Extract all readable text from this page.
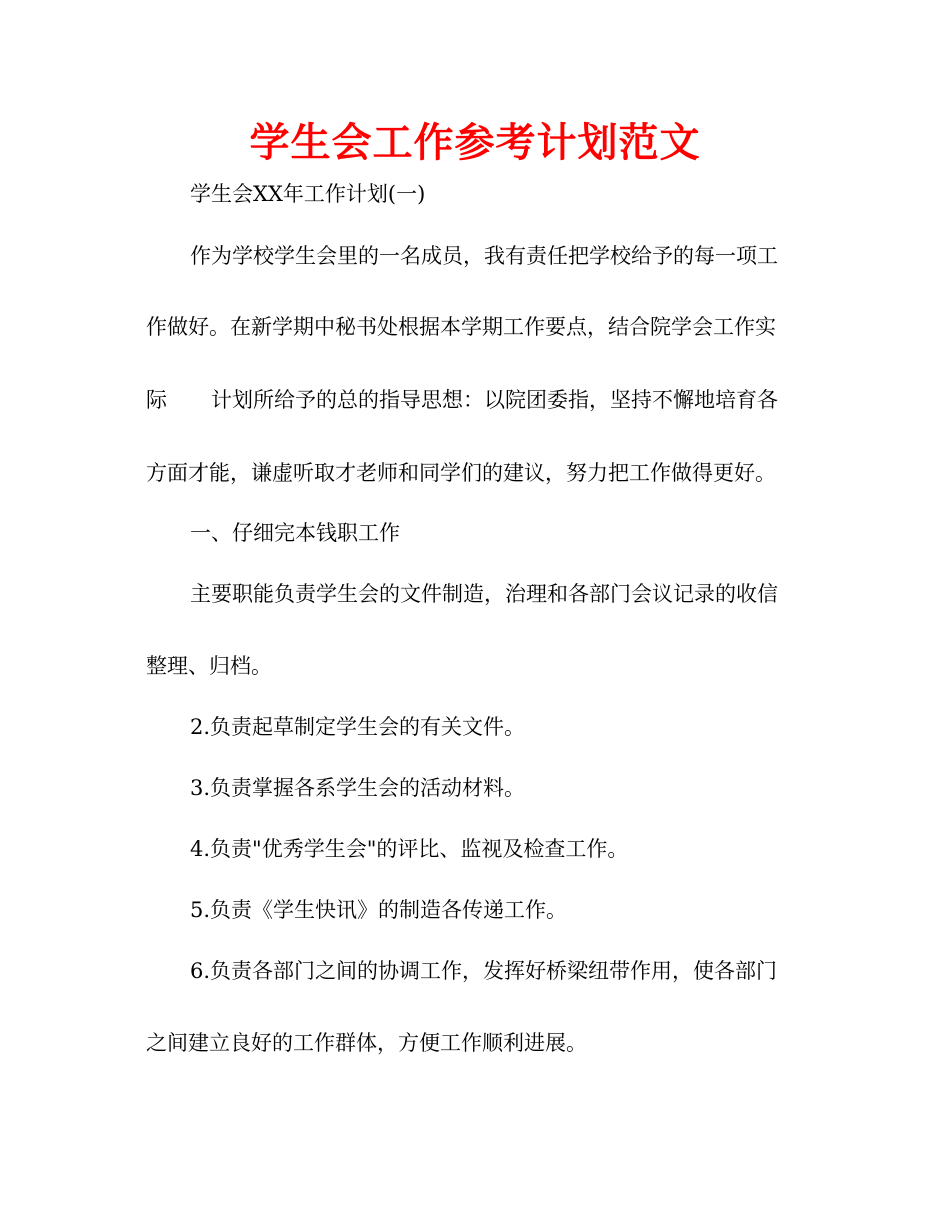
学生会工作参考计划范文
学生会XX年工作计划(一)
作为学校学生会里的一名成员，我有责任把学校给予的每一项工
作做好。在新学期中秘书处根据本学期工作要点，结合院学会工作实
际 计划所给予的总的指导思想：以院团委指，坚持不懈地培育各
方面才能，谦虚听取才老师和同学们的建议，努力把工作做得更好。
一、仔细完本钱职工作
主要职能负责学生会的文件制造，治理和各部门会议记录的收信
整理、归档。
2.负责起草制定学生会的有关文件。
3.负责掌握各系学生会的活动材料。
4.负责"优秀学生会"的评比、监视及检查工作。
5.负责《学生快讯》的制造各传递工作。
6.负责各部门之间的协调工作，发挥好桥梁纽带作用，使各部门
之间建立良好的工作群体，方便工作顺利进展。
